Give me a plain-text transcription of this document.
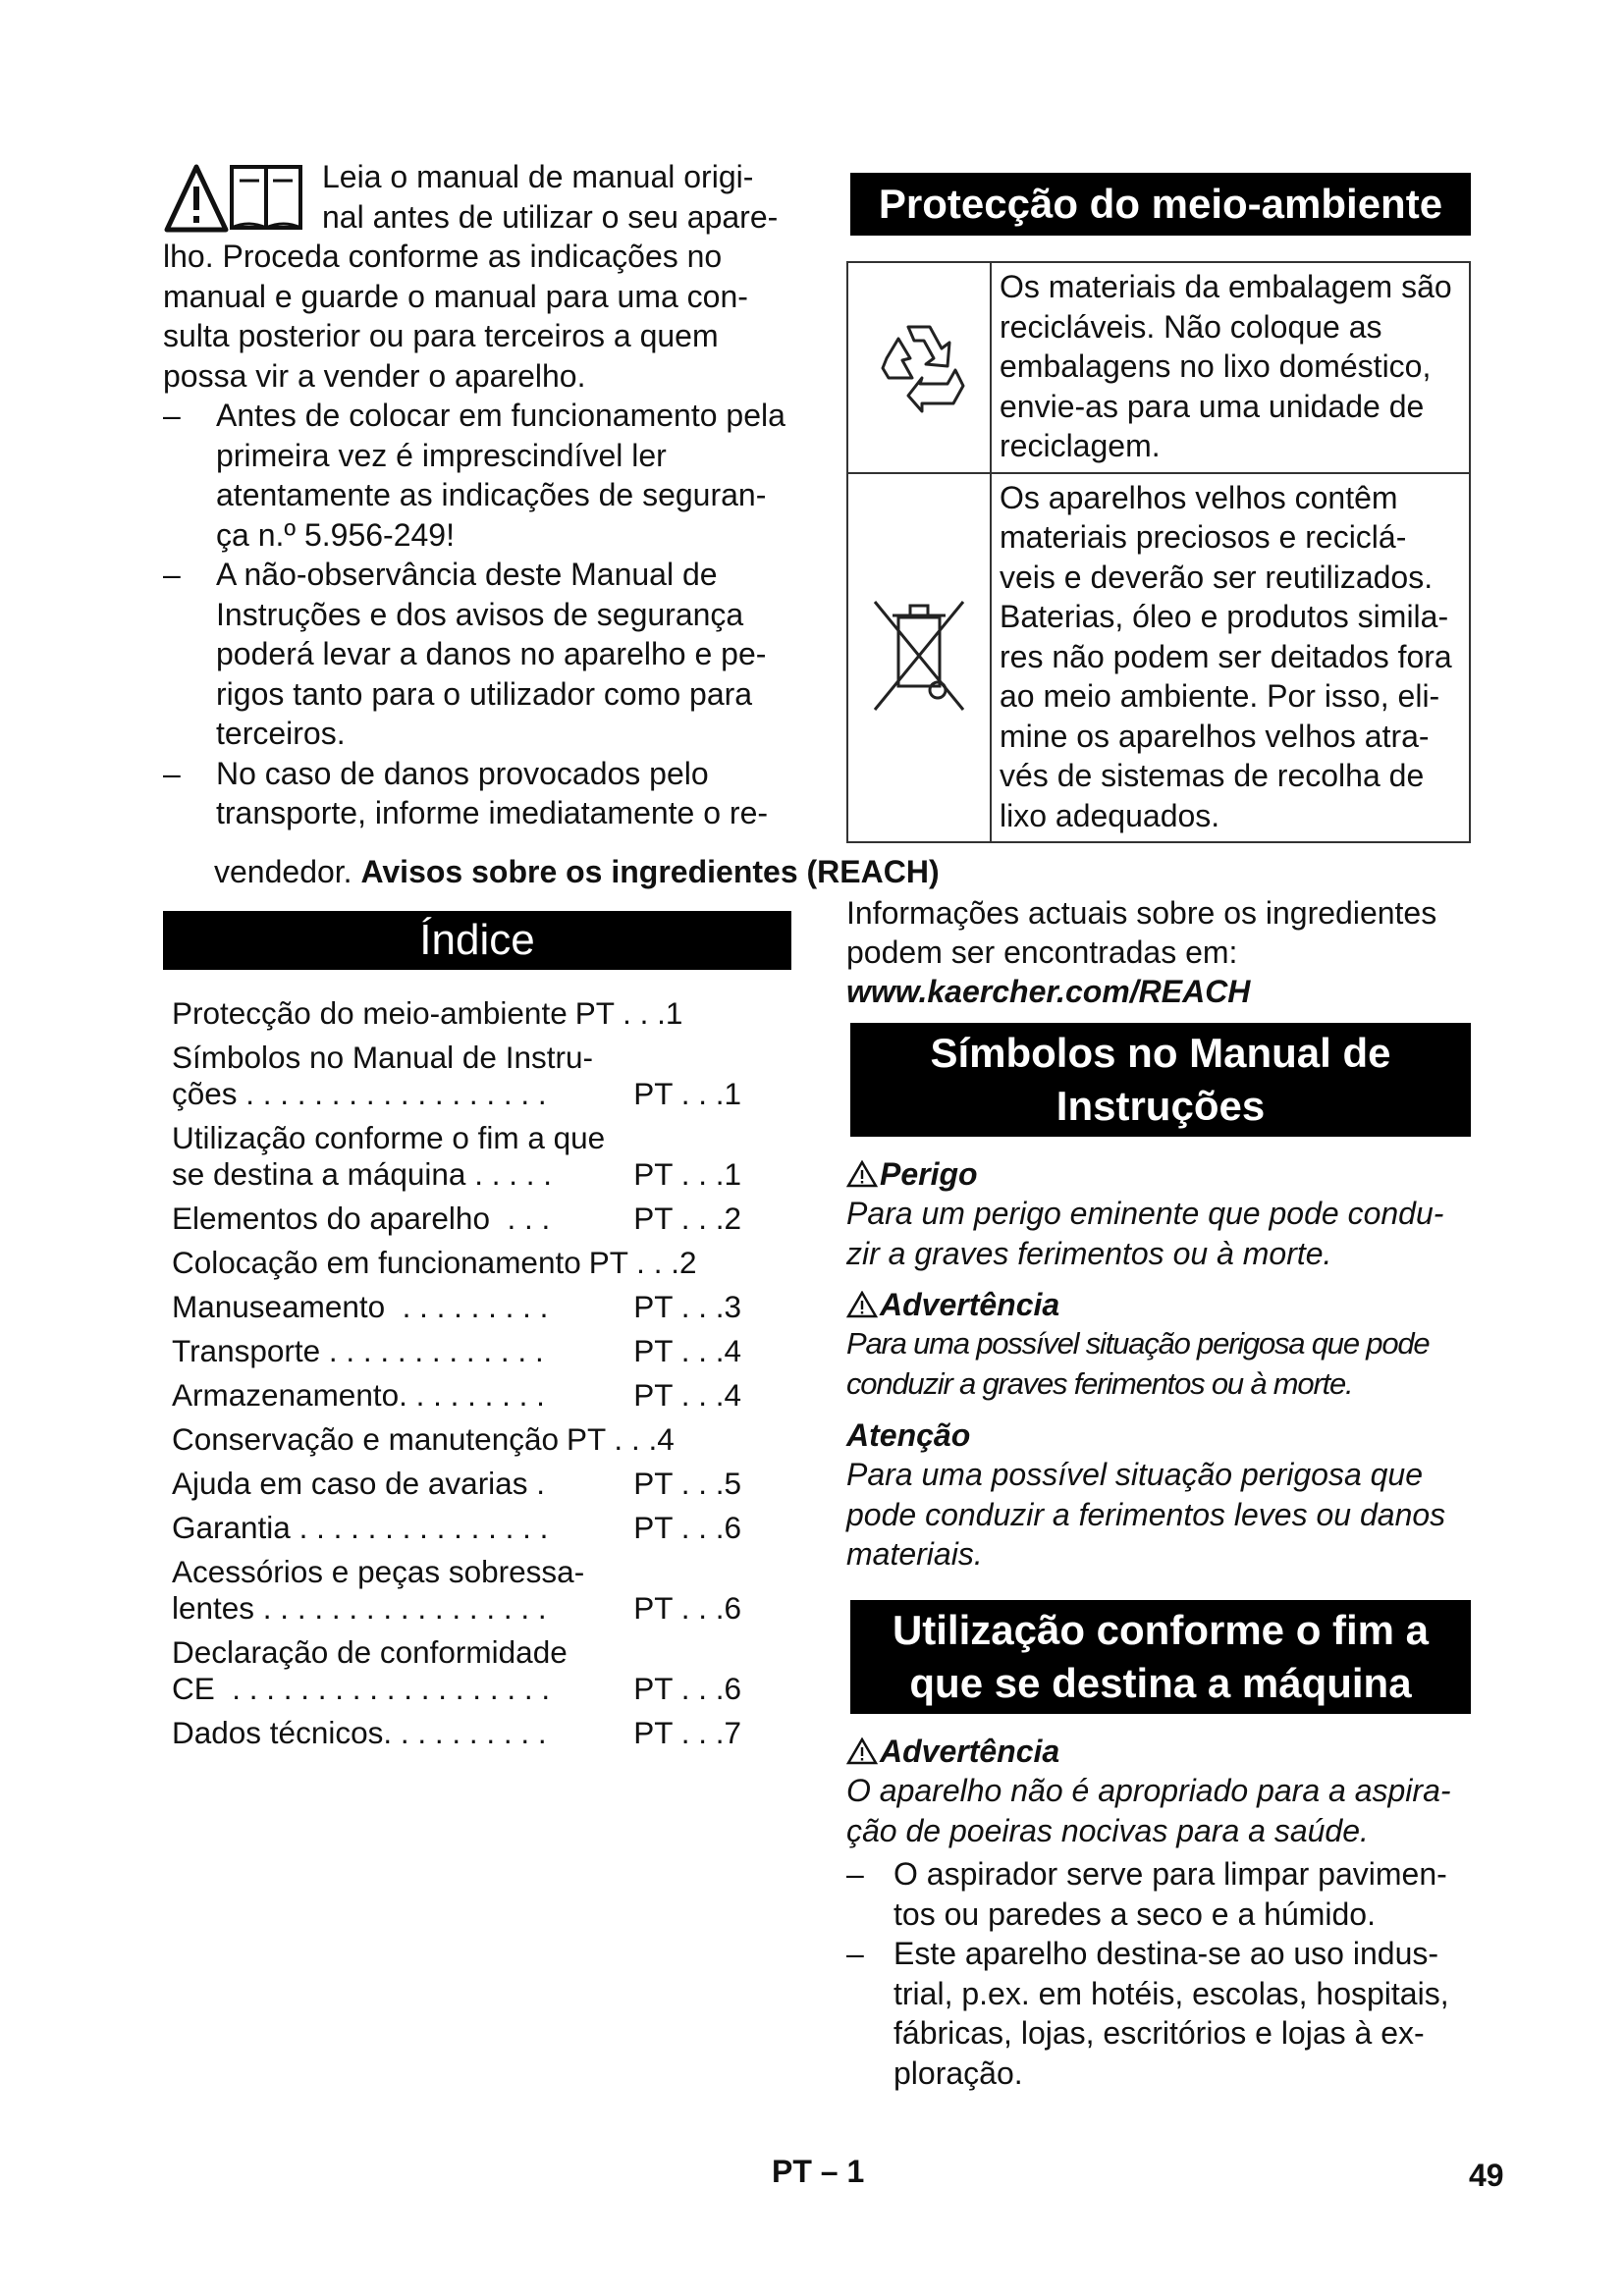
Leia o manual de manual origi-
nal antes de utilizar o seu apare-
lho. Proceda conforme as indicações no manual e guarde o manual para uma con- sulta posterior ou para terceiros a quem possa vir a vender o aparelho.
– Antes de colocar em funcionamento pela primeira vez é imprescindível ler atentamente as indicações de seguran- ça n.º 5.956-249!
– A não-observância deste Manual de Instruções e dos avisos de segurança poderá levar a danos no aparelho e pe- rigos tanto para o utilizador como para terceiros.
– No caso de danos provocados pelo transporte, informe imediatamente o re-
vendedor. Avisos sobre os ingredientes (REACH)
Índice
Protecção do meio-ambiente PT . . .1
Símbolos no Manual de Instru-
ções . . . . . . . . . . . . . . . . . .	PT . . .1
Utilização conforme o fim a que
se destina a máquina . . . . .	PT . . .1
Elementos do aparelho  . . .	PT . . .2
Colocação em funcionamento PT . . .2
Manuseamento  . . . . . . . . .	PT . . .3
Transporte . . . . . . . . . . . . .	PT . . .4
Armazenamento. . . . . . . . .	PT . . .4
Conservação e manutenção PT . . .4
Ajuda em caso de avarias .	PT . . .5
Garantia . . . . . . . . . . . . . . .	PT . . .6
Acessórios e peças sobressa-
lentes . . . . . . . . . . . . . . . . .	PT . . .6
Declaração de conformidade
CE  . . . . . . . . . . . . . . . . . . .	PT . . .6
Dados técnicos. . . . . . . . . .	PT . . .7
Protecção do meio-ambiente
	Os materiais da embalagem são recicláveis. Não coloque as embalagens no lixo doméstico, envie-as para uma unidade de reciclagem.
	Os aparelhos velhos contêm materiais preciosos e reciclá- veis e deverão ser reutilizados. Baterias, óleo e produtos simila- res não podem ser deitados fora ao meio ambiente. Por isso, eli- mine os aparelhos velhos atra- vés de sistemas de recolha de lixo adequados.
Informações actuais sobre os ingredientes podem ser encontradas em:
www.kaercher.com/REACH
Símbolos no Manual de
Instruções
Perigo
Para um perigo eminente que pode condu- zir a graves ferimentos ou à morte.
Advertência
Para uma possível situação perigosa que pode conduzir a graves ferimentos ou à morte.
Atenção
Para uma possível situação perigosa que pode conduzir a ferimentos leves ou danos materiais.
Utilização conforme o fim a
que se destina a máquina
Advertência
O aparelho não é apropriado para a aspira- ção de poeiras nocivas para a saúde.
– O aspirador serve para limpar pavimen- tos ou paredes a seco e a húmido.
– Este aparelho destina-se ao uso indus- trial, p.ex. em hotéis, escolas, hospitais, fábricas, lojas, escritórios e lojas à ex- ploração.
PT – 1	49
